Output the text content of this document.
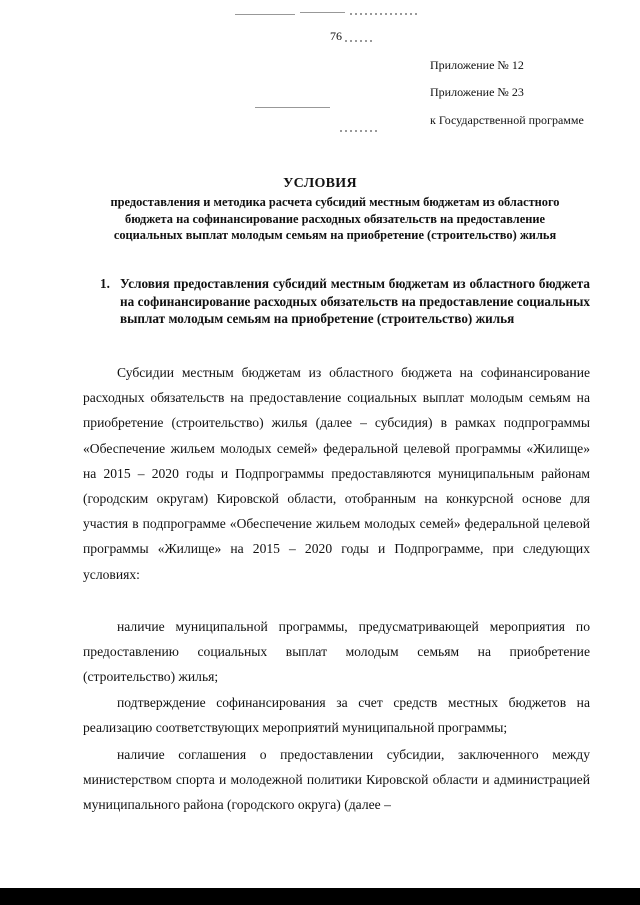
76
Приложение № 12
Приложение № 23
к Государственной программе
УСЛОВИЯ
предоставления и методика расчета субсидий местным бюджетам из областного бюджета на софинансирование расходных обязательств на предоставление социальных выплат молодым семьям на приобретение (строительство) жилья
1. Условия предоставления субсидий местным бюджетам из областного бюджета на софинансирование расходных обязательств на предоставление социальных выплат молодым семьям на приобретение (строительство) жилья

Субсидии местным бюджетам из областного бюджета на софинансирование расходных обязательств на предоставление социальных выплат молодым семьям на приобретение (строительство) жилья (далее – субсидия) в рамках подпрограммы «Обеспечение жильем молодых семей» федеральной целевой программы «Жилище» на 2015 – 2020 годы и Подпрограммы предоставляются муниципальным районам (городским округам) Кировской области, отобранным на конкурсной основе для участия в подпрограмме «Обеспечение жильем молодых семей» федеральной целевой программы «Жилище» на 2015 – 2020 годы и Подпрограмме, при следующих условиях:

наличие муниципальной программы, предусматривающей мероприятия по предоставлению социальных выплат молодым семьям на приобретение (строительство) жилья;

подтверждение софинансирования за счет средств местных бюджетов на реализацию соответствующих мероприятий муниципальной программы;

наличие соглашения о предоставлении субсидии, заключенного между министерством спорта и молодежной политики Кировской области и администрацией муниципального района (городского округа) (далее –
